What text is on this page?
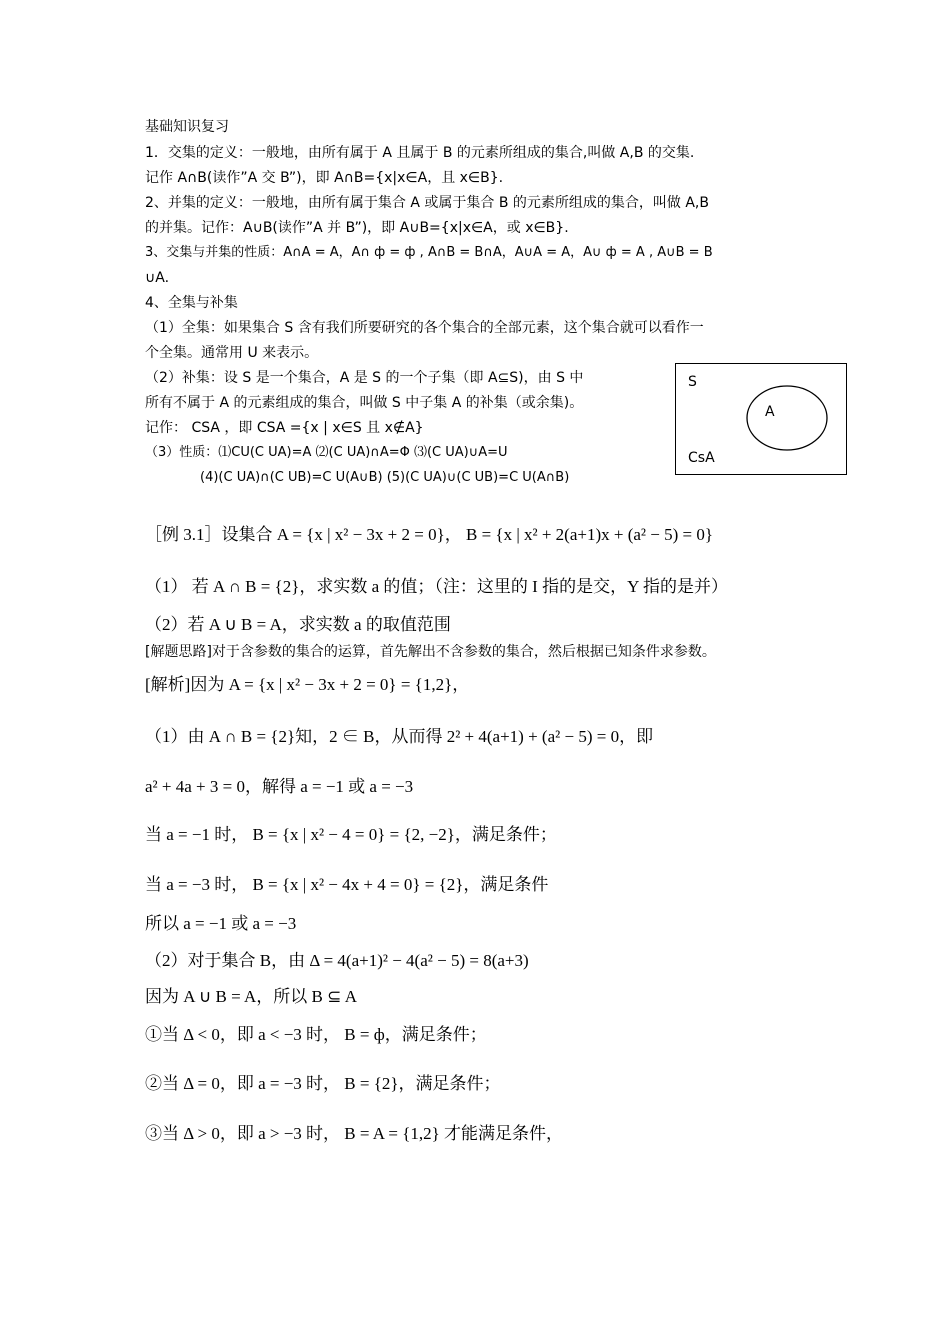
基础知识复习
1．交集的定义：一般地，由所有属于 A 且属于 B 的元素所组成的集合,叫做 A,B 的交集.
记作 A∩B(读作”A 交 B”)，即 A∩B={x|x∈A，且 x∈B}.
2、并集的定义：一般地，由所有属于集合 A 或属于集合 B 的元素所组成的集合，叫做 A,B
的并集。记作：A∪B(读作”A 并 B”)，即 A∪B={x|x∈A，或 x∈B}.
3、交集与并集的性质：A∩A = A，A∩ ф = ф , A∩B = B∩A，A∪A = A，A∪ ф = A , A∪B = B
∪A.
4、全集与补集
（1）全集：如果集合 S 含有我们所要研究的各个集合的全部元素，这个集合就可以看作一
个全集。通常用 U 来表示。
（2）补集：设 S 是一个集合，A 是 S 的一个子集（即 A⊆S)，由 S 中
所有不属于 A 的元素组成的集合，叫做 S 中子集 A 的补集（或余集)。
记作： CSA ，即 CSA ={x | x∈S 且 x∉A}
（3）性质：⑴CU(C UA)=A ⑵(C UA)∩A=Φ ⑶(C UA)∪A=U
(4)(C UA)∩(C UB)=C U(A∪B) (5)(C UA)∪(C UB)=C U(A∩B)
S
A
CsA
［例 3.1］设集合 A = {x | x² − 3x + 2 = 0}， B = {x | x² + 2(a+1)x + (a² − 5) = 0}
（1） 若 A ∩ B = {2}，求实数 a 的值；（注：这里的 I 指的是交，Y 指的是并）
（2）若 A ∪ B = A，求实数 a 的取值范围
[解题思路]对于含参数的集合的运算，首先解出不含参数的集合，然后根据已知条件求参数。
[解析]因为 A = {x | x² − 3x + 2 = 0} = {1,2}，
（1）由 A ∩ B = {2}知，2 ∈ B，从而得 2² + 4(a+1) + (a² − 5) = 0，即
a² + 4a + 3 = 0，解得 a = −1 或 a = −3
当 a = −1 时， B = {x | x² − 4 = 0} = {2, −2}，满足条件；
当 a = −3 时， B = {x | x² − 4x + 4 = 0} = {2}，满足条件
所以 a = −1 或 a = −3
（2）对于集合 B，由 Δ = 4(a+1)² − 4(a² − 5) = 8(a+3)
因为 A ∪ B = A，所以 B ⊆ A
①当 Δ < 0，即 a < −3 时， B = ф，满足条件；
②当 Δ = 0，即 a = −3 时， B = {2}，满足条件；
③当 Δ > 0，即 a > −3 时， B = A = {1,2} 才能满足条件，
